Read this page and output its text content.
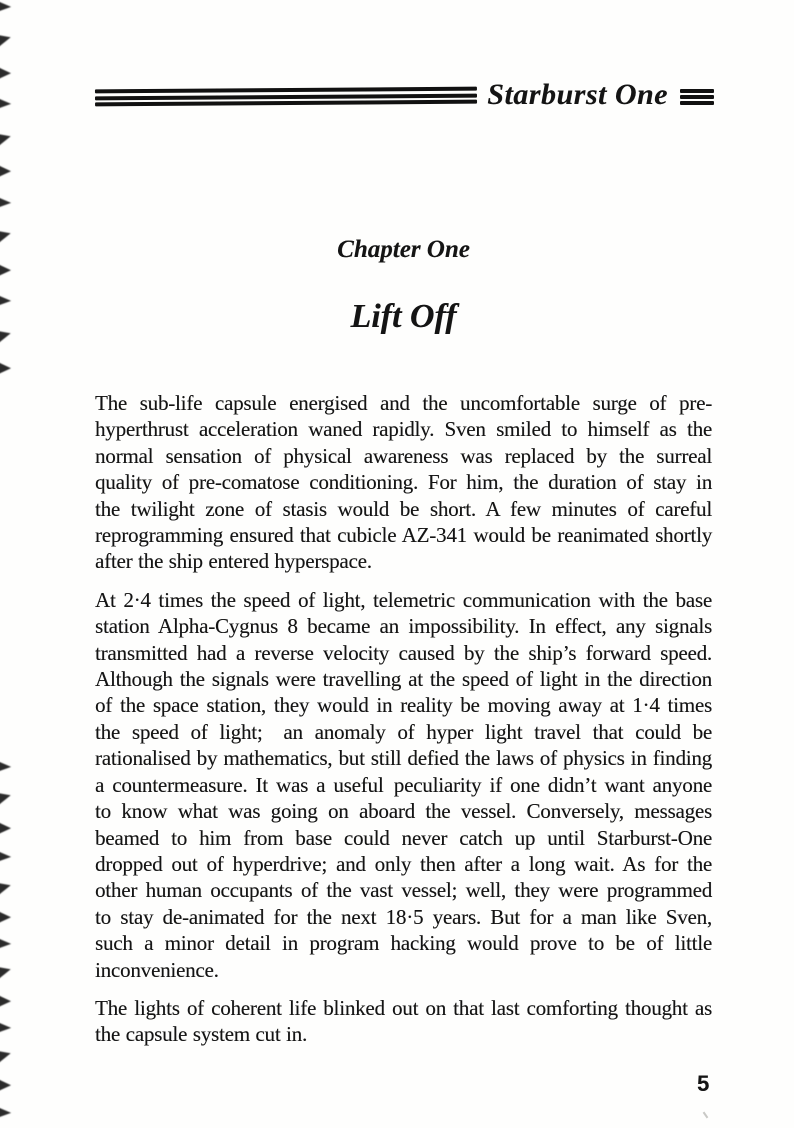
Starburst One
Chapter One
Lift Off
The sub-life capsule energised and the uncomfortable surge of pre-
hyperthrust acceleration waned rapidly. Sven smiled to himself as the
normal sensation of physical awareness was replaced by the surreal
quality of pre-comatose conditioning. For him, the duration of stay in
the twilight zone of stasis would be short. A few minutes of careful
reprogramming ensured that cubicle AZ-341 would be reanimated shortly
after the ship entered hyperspace.
At 2·4 times the speed of light, telemetric communication with the base
station Alpha-Cygnus 8 became an impossibility. In effect, any signals
transmitted had a reverse velocity caused by the ship’s forward speed.
Although the signals were travelling at the speed of light in the direction
of the space station, they would in reality be moving away at 1·4 times
the speed of light; an anomaly of hyper light travel that could be
rationalised by mathematics, but still defied the laws of physics in finding
a countermeasure. It was a useful peculiarity if one didn’t want anyone
to know what was going on aboard the vessel. Conversely, messages
beamed to him from base could never catch up until Starburst-One
dropped out of hyperdrive; and only then after a long wait. As for the
other human occupants of the vast vessel; well, they were programmed
to stay de-animated for the next 18·5 years. But for a man like Sven,
such a minor detail in program hacking would prove to be of little
inconvenience.
The lights of coherent life blinked out on that last comforting thought as
the capsule system cut in.
5
